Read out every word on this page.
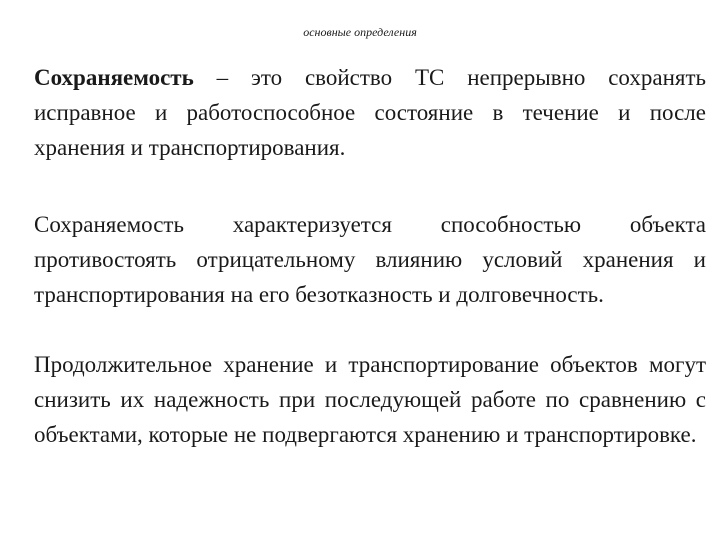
основные определения

Сохраняемость – это свойство ТС непрерывно сохранять исправное и работоспособное состояние в течение и после хранения и транспортирования.

Сохраняемость характеризуется способностью объекта противостоять отрицательному влиянию условий хранения и транспортирования на его безотказность и долговечность.

Продолжительное хранение и транспортирование объектов могут снизить их надежность при последующей работе по сравнению с объектами, которые не подвергаются хранению и транспортировке.
